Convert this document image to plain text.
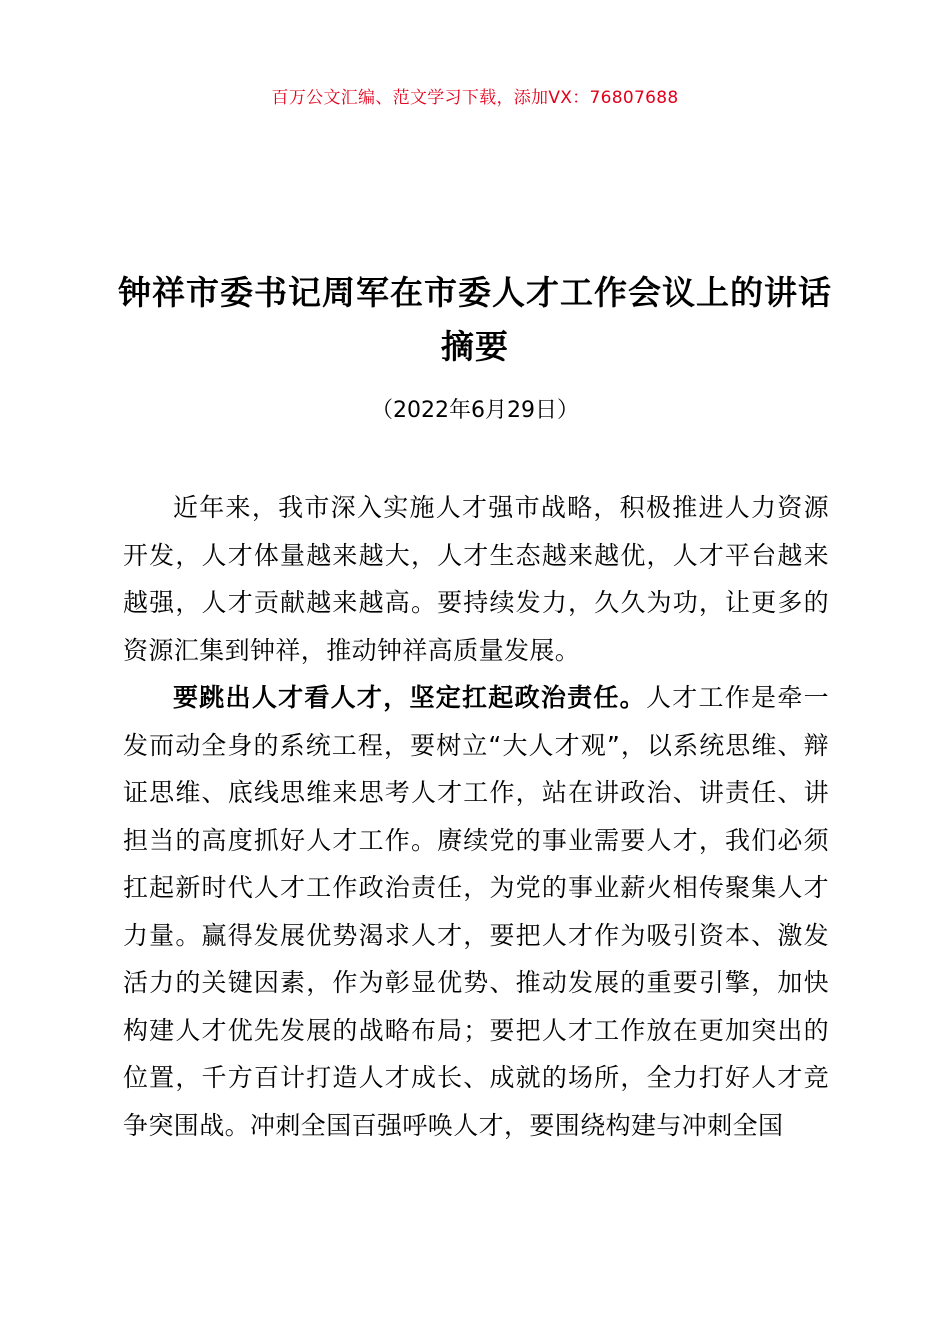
百万公文汇编、范文学习下载，添加VX：76807688
钟祥市委书记周军在市委人才工作会议上的讲话摘要
（2022年6月29日）

近年来，我市深入实施人才强市战略，积极推进人力资源开发，人才体量越来越大，人才生态越来越优，人才平台越来越强，人才贡献越来越高。要持续发力，久久为功，让更多的资源汇集到钟祥，推动钟祥高质量发展。

要跳出人才看人才，坚定扛起政治责任。人才工作是牵一发而动全身的系统工程，要树立“大人才观”，以系统思维、辩证思维、底线思维来思考人才工作，站在讲政治、讲责任、讲担当的高度抓好人才工作。赓续党的事业需要人才，我们必须扛起新时代人才工作政治责任，为党的事业薪火相传聚集人才力量。赢得发展优势渴求人才，要把人才作为吸引资本、激发活力的关键因素，作为彰显优势、推动发展的重要引擎，加快构建人才优先发展的战略布局；要把人才工作放在更加突出的位置，千方百计打造人才成长、成就的场所，全力打好人才竞争突围战。冲刺全国百强呼唤人才，要围绕构建与冲刺全国
